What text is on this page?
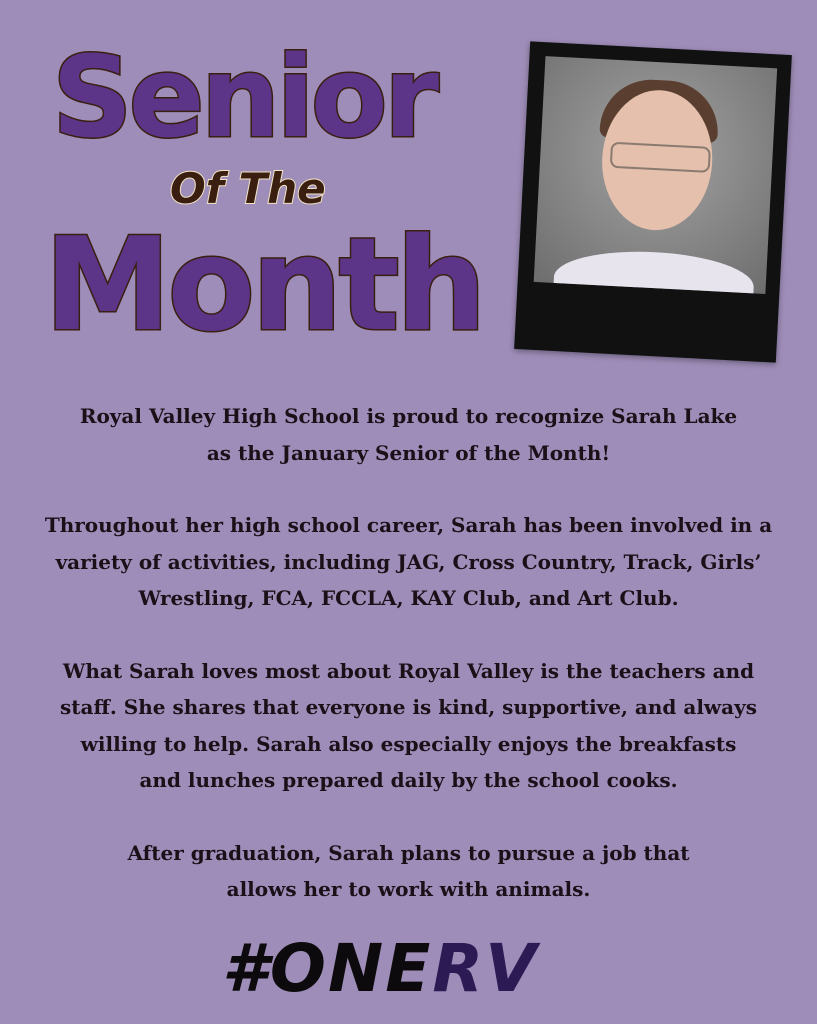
Senior
Of The
Month

Royal Valley High School is proud to recognize Sarah Lake
as the January Senior of the Month!

Throughout her high school career, Sarah has been involved in a
variety of activities, including JAG, Cross Country, Track, Girls’
Wrestling, FCA, FCCLA, KAY Club, and Art Club.

What Sarah loves most about Royal Valley is the teachers and
staff. She shares that everyone is kind, supportive, and always
willing to help. Sarah also especially enjoys the breakfasts
and lunches prepared daily by the school cooks.

After graduation, Sarah plans to pursue a job that
allows her to work with animals.

#ONERV
